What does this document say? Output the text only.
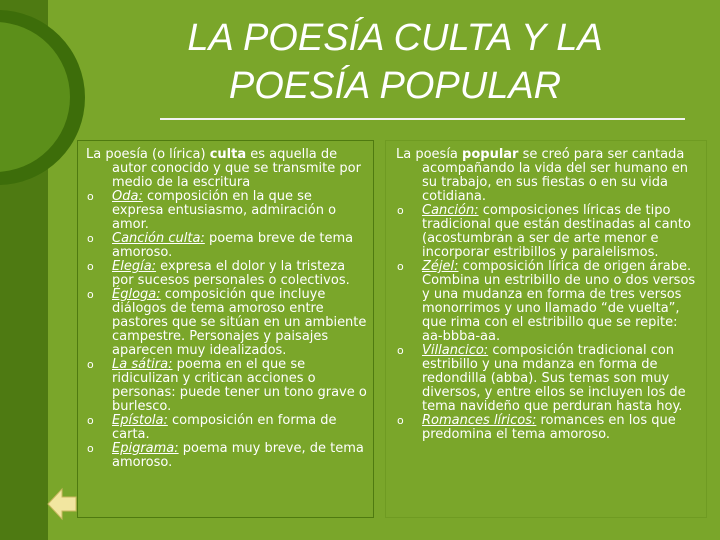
LA POESÍA CULTA Y LA
POESÍA POPULAR

La poesía (o lírica) culta es aquella de autor conocido y que se transmite por medio de la escritura

o Oda: composición en la que se expresa entusiasmo, admiración o amor.
o Canción culta: poema breve de tema amoroso.
o Elegía: expresa el dolor y la tristeza por sucesos personales o colectivos.
o Égloga: composición que incluye diálogos de tema amoroso entre pastores que se sitúan en un ambiente campestre. Personajes y paisajes aparecen muy idealizados.
o La sátira: poema en el que se ridiculizan y critican acciones o personas: puede tener un tono grave o burlesco.
o Epístola: composición en forma de carta.
o Epigrama: poema muy breve, de tema amoroso.

La poesía popular se creó para ser cantada acompañando la vida del ser humano en su trabajo, en sus fiestas o en su vida cotidiana.

o Canción: composiciones líricas de tipo tradicional que están destinadas al canto (acostumbran a ser de arte menor e incorporar estribillos y paralelismos.
o Zéjel: composición lírica de origen árabe. Combina un estribillo de uno o dos versos y una mudanza en forma de tres versos monorrimos y uno llamado “de vuelta”, que rima con el estribillo que se repite: aa-bbba-aa.
o Villancico: composición tradicional con estribillo y una mdanza en forma de redondilla (abba). Sus temas son muy diversos, y entre ellos se incluyen los de tema navideño que perduran hasta hoy.
o Romances líricos: romances en los que predomina el tema amoroso.
